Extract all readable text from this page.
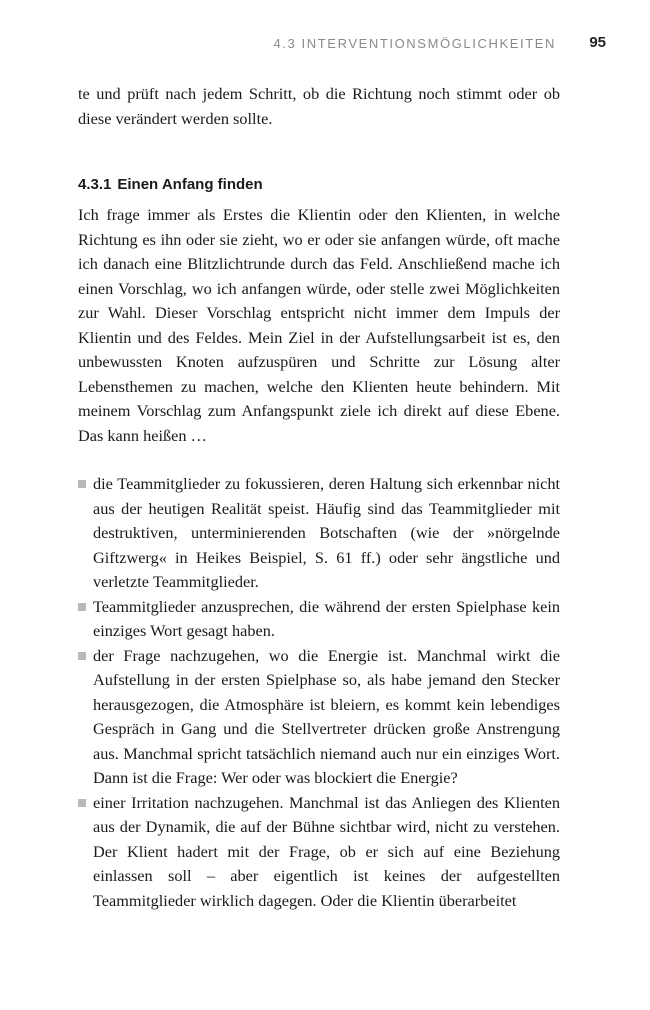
4.3 INTERVENTIONSMÖGLICHKEITEN 95

te und prüft nach jedem Schritt, ob die Richtung noch stimmt oder ob diese verändert werden sollte.

4.3.1 Einen Anfang finden

Ich frage immer als Erstes die Klientin oder den Klienten, in welche Richtung es ihn oder sie zieht, wo er oder sie anfangen würde, oft mache ich danach eine Blitzlichtrunde durch das Feld. Anschließend mache ich einen Vorschlag, wo ich anfangen würde, oder stelle zwei Möglichkeiten zur Wahl. Dieser Vorschlag entspricht nicht immer dem Impuls der Klientin und des Feldes. Mein Ziel in der Aufstellungsarbeit ist es, den unbewussten Knoten aufzuspüren und Schritte zur Lösung alter Lebensthemen zu machen, welche den Klienten heute behindern. Mit meinem Vorschlag zum Anfangspunkt ziele ich direkt auf diese Ebene. Das kann heißen …

die Teammitglieder zu fokussieren, deren Haltung sich erkennbar nicht aus der heutigen Realität speist. Häufig sind das Teammitglieder mit destruktiven, unterminierenden Botschaften (wie der »nörgelnde Giftzwerg« in Heikes Beispiel, S. 61 ff.) oder sehr ängstliche und verletzte Teammitglieder.
Teammitglieder anzusprechen, die während der ersten Spielphase kein einziges Wort gesagt haben.
der Frage nachzugehen, wo die Energie ist. Manchmal wirkt die Aufstellung in der ersten Spielphase so, als habe jemand den Stecker herausgezogen, die Atmosphäre ist bleiern, es kommt kein lebendiges Gespräch in Gang und die Stellvertreter drücken große Anstrengung aus. Manchmal spricht tatsächlich niemand auch nur ein einziges Wort. Dann ist die Frage: Wer oder was blockiert die Energie?
einer Irritation nachzugehen. Manchmal ist das Anliegen des Klienten aus der Dynamik, die auf der Bühne sichtbar wird, nicht zu verstehen. Der Klient hadert mit der Frage, ob er sich auf eine Beziehung einlassen soll – aber eigentlich ist keines der aufgestellten Teammitglieder wirklich dagegen. Oder die Klientin überarbeitet
